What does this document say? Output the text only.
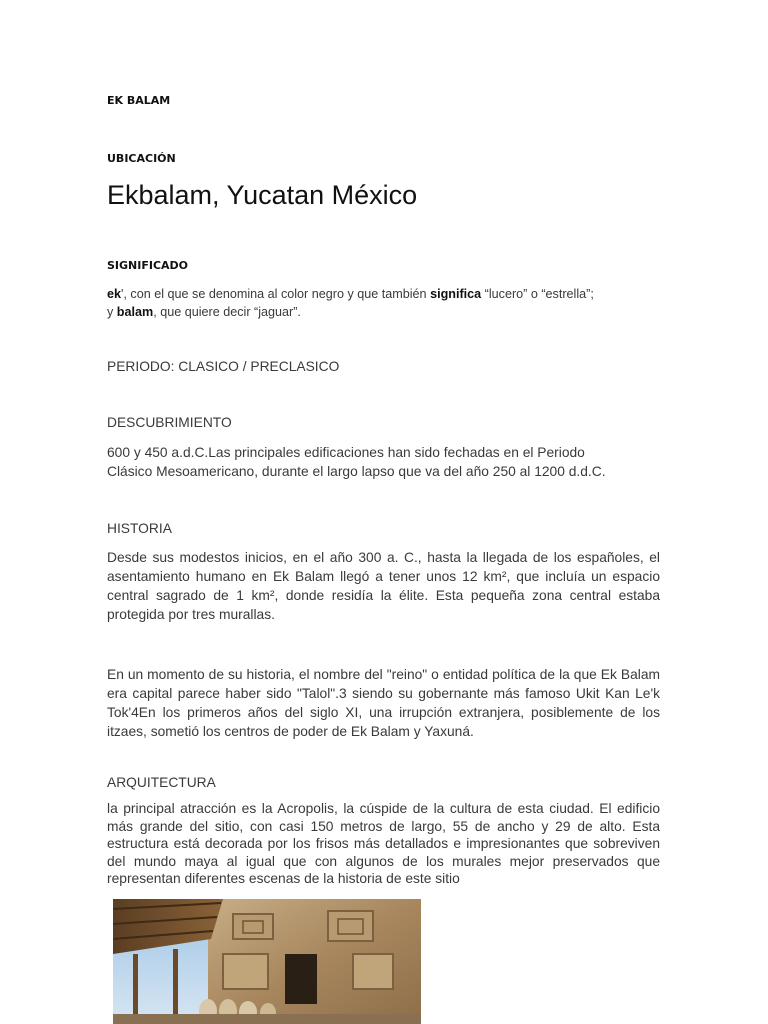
EK BALAM
UBICACIÓN
Ekbalam, Yucatan México
SIGNIFICADO
ek', con el que se denomina al color negro y que también significa “lucero” o “estrella”;
y balam, que quiere decir “jaguar”.
PERIODO: CLASICO / PRECLASICO
DESCUBRIMIENTO
600 y 450 a.d.C.Las principales edificaciones han sido fechadas en el Periodo
Clásico Mesoamericano, durante el largo lapso que va del año 250 al 1200 d.d.C.
HISTORIA
Desde sus modestos inicios, en el año 300 a. C., hasta la llegada de los españoles, el asentamiento humano en Ek Balam llegó a tener unos 12 km², que incluía un espacio central sagrado de 1 km², donde residía la élite. Esta pequeña zona central estaba protegida por tres murallas.
En un momento de su historia, el nombre del "reino" o entidad política de la que Ek Balam era capital parece haber sido "Talol".3 siendo su gobernante más famoso Ukit Kan Le'k Tok'4En los primeros años del siglo XI, una irrupción extranjera, posiblemente de los itzaes, sometió los centros de poder de Ek Balam y Yaxuná.
ARQUITECTURA
la principal atracción es la Acropolis, la cúspide de la cultura de esta ciudad. El edificio más grande del sitio, con casi 150 metros de largo, 55 de ancho y 29 de alto. Esta estructura está decorada por los frisos más detallados e impresionantes que sobreviven del mundo maya al igual que con algunos de los murales mejor preservados que representan diferentes escenas de la historia de este sitio
